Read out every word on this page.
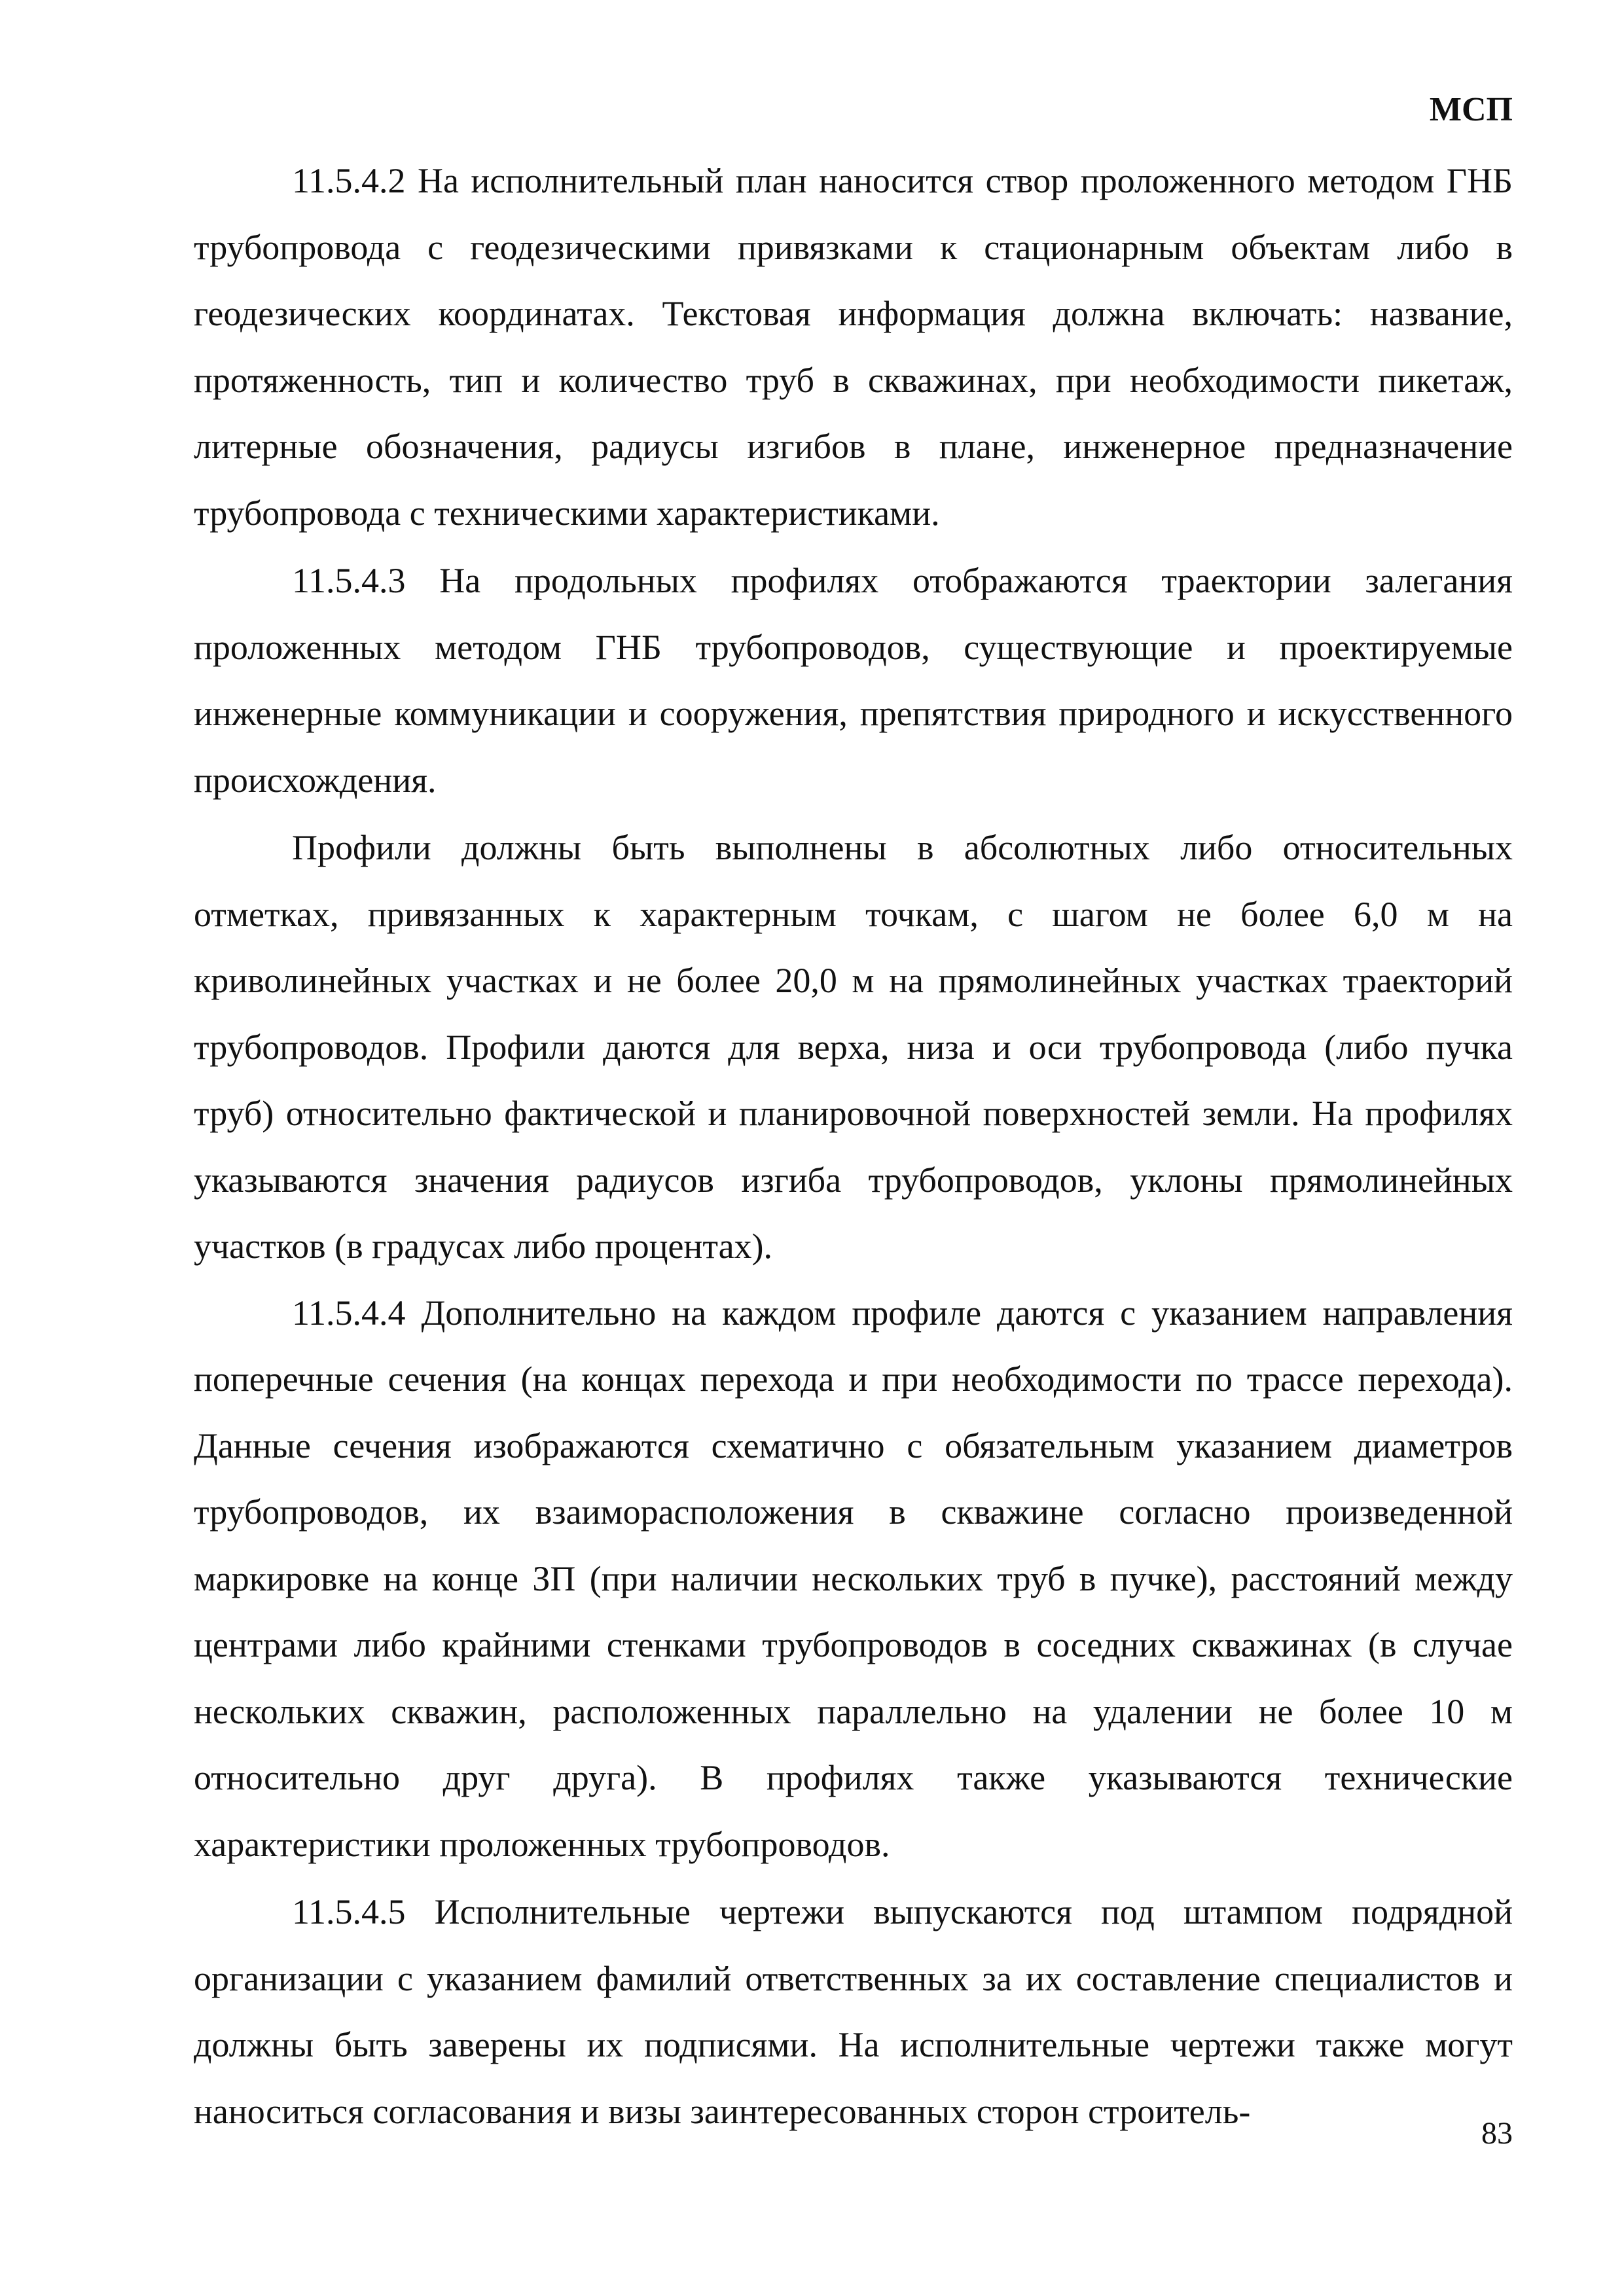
МСП

11.5.4.2 На исполнительный план наносится створ проложенного методом ГНБ трубопровода с геодезическими привязками к стационарным объектам либо в геодезических координатах. Текстовая информация должна включать: название, протяженность, тип и количество труб в скважинах, при необходимости пикетаж, литерные обозначения, радиусы изгибов в плане, инженерное предназначение трубопровода с техническими характеристиками.

11.5.4.3 На продольных профилях отображаются траектории залегания проложенных методом ГНБ трубопроводов, существующие и проектируемые инженерные коммуникации и сооружения, препятствия природного и искусственного происхождения.

Профили должны быть выполнены в абсолютных либо относительных отметках, привязанных к характерным точкам, с шагом не более 6,0 м на криволинейных участках и не более 20,0 м на прямолинейных участках траекторий трубопроводов. Профили даются для верха, низа и оси трубопровода (либо пучка труб) относительно фактической и планировочной поверхностей земли. На профилях указываются значения радиусов изгиба трубопроводов, уклоны прямолинейных участков (в градусах либо процентах).

11.5.4.4 Дополнительно на каждом профиле даются с указанием направления поперечные сечения (на концах перехода и при необходимости по трассе перехода). Данные сечения изображаются схематично с обязательным указанием диаметров трубопроводов, их взаиморасположения в скважине согласно произведенной маркировке на конце ЗП (при наличии нескольких труб в пучке), расстояний между центрами либо крайними стенками трубопроводов в соседних скважинах (в случае нескольких скважин, расположенных параллельно на удалении не более 10 м относительно друг друга). В профилях также указываются технические характеристики проложенных трубопроводов.

11.5.4.5 Исполнительные чертежи выпускаются под штампом подрядной организации с указанием фамилий ответственных за их составление специалистов и должны быть заверены их подписями. На исполнительные чертежи также могут наноситься согласования и визы заинтересованных сторон строитель-

83
